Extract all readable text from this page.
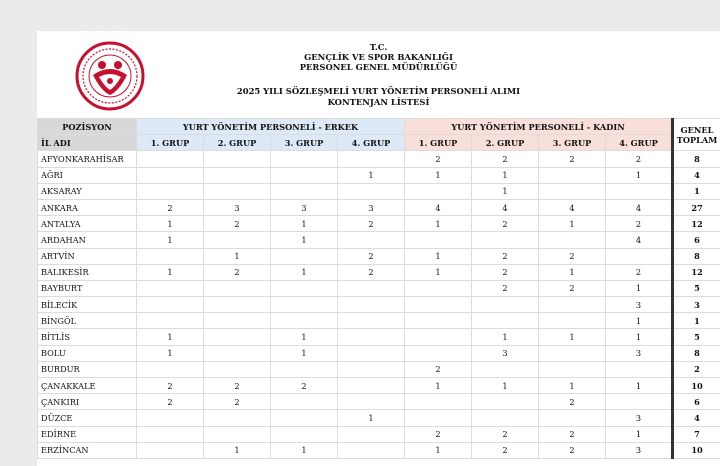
T.C.
GENÇLİK VE SPOR BAKANLIĞI
PERSONEL GENEL MÜDÜRLÜĞÜ
2025 YILI SÖZLEŞMELİ YURT YÖNETİM PERSONELİ ALIMI
KONTENJAN LİSTESİ
POZİSYON	YURT YÖNETİM PERSONELİ - ERKEK				YURT YÖNETİM PERSONELİ - KADIN				GENEL
TOPLAM
İL ADI	1. GRUP	2. GRUP	3. GRUP	4. GRUP	1. GRUP	2. GRUP	3. GRUP	4. GRUP	
AFYONKARAHİSAR					2	2	2	2	8
AĞRI				1	1	1		1	4
AKSARAY						1			1
ANKARA	2	3	3	3	4	4	4	4	27
ANTALYA	1	2	1	2	1	2	1	2	12
ARDAHAN	1		1					4	6
ARTVİN		1		2	1	2	2		8
BALIKESİR	1	2	1	2	1	2	1	2	12
BAYBURT						2	2	1	5
BİLECİK								3	3
BİNGÖL								1	1
BİTLİS	1		1			1	1	1	5
BOLU	1		1			3		3	8
BURDUR					2				2
ÇANAKKALE	2	2	2		1	1	1	1	10
ÇANKIRI	2	2					2		6
DÜZCE				1				3	4
EDİRNE					2	2	2	1	7
ERZİNCAN		1	1		1	2	2	3	10
